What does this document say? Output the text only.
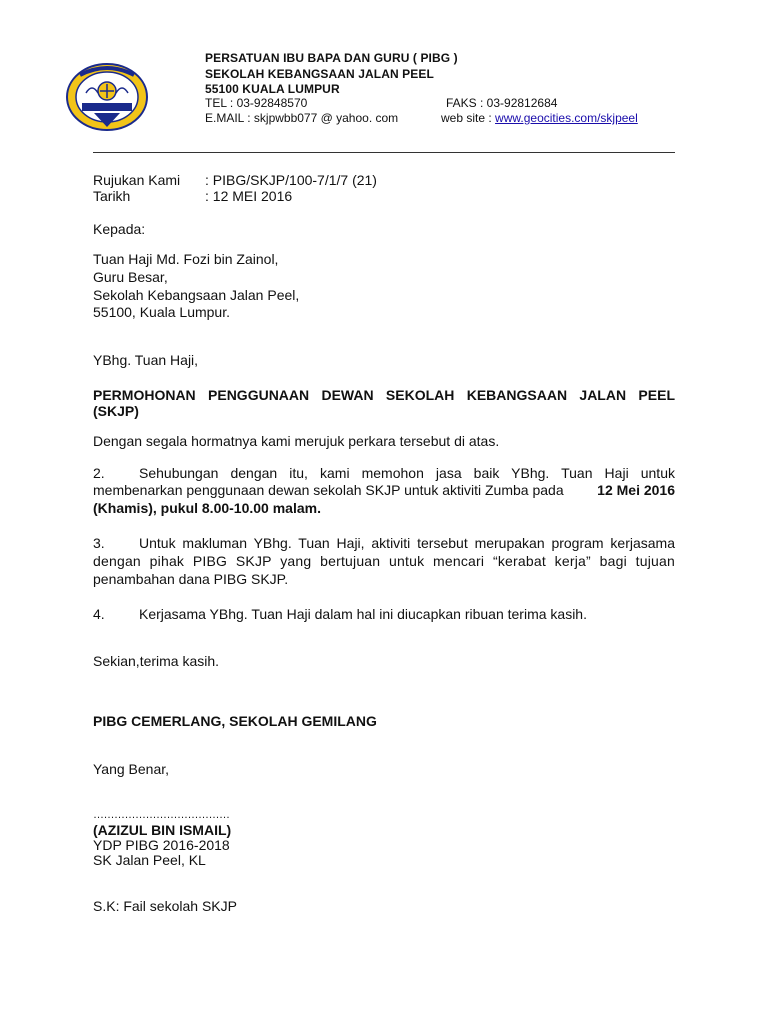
PERSATUAN IBU BAPA DAN GURU ( PIBG )
SEKOLAH KEBANGSAAN JALAN PEEL
55100 KUALA LUMPUR
TEL : 03-92848570	FAKS : 03-92812684
E.MAIL : skjpwbb077 @ yahoo. com	web site : www.geocities.com/skjpeel
Rujukan Kami : PIBG/SKJP/100-7/1/7 (21)
Tarikh	: 12 MEI 2016
Kepada:
Tuan Haji Md. Fozi bin Zainol,
Guru Besar,
Sekolah Kebangsaan Jalan Peel,
55100, Kuala Lumpur.
YBhg. Tuan Haji,
PERMOHONAN PENGGUNAAN DEWAN SEKOLAH KEBANGSAAN JALAN PEEL
(SKJP)
Dengan segala hormatnya kami merujuk perkara tersebut di atas.
2. Sehubungan dengan itu, kami memohon jasa baik YBhg. Tuan Haji untuk
membenarkan penggunaan dewan sekolah SKJP untuk aktiviti Zumba pada 12 Mei 2016
(Khamis), pukul 8.00-10.00 malam.
3. Untuk makluman YBhg. Tuan Haji, aktiviti tersebut merupakan program kerjasama
dengan pihak PIBG SKJP yang bertujuan untuk mencari “kerabat kerja” bagi tujuan
penambahan dana PIBG SKJP.
4. Kerjasama YBhg. Tuan Haji dalam hal ini diucapkan ribuan terima kasih.
Sekian,terima kasih.
PIBG CEMERLANG, SEKOLAH GEMILANG
Yang Benar,
…………………………………
(AZIZUL BIN ISMAIL)
YDP PIBG 2016-2018
SK Jalan Peel, KL
S.K: Fail sekolah SKJP
